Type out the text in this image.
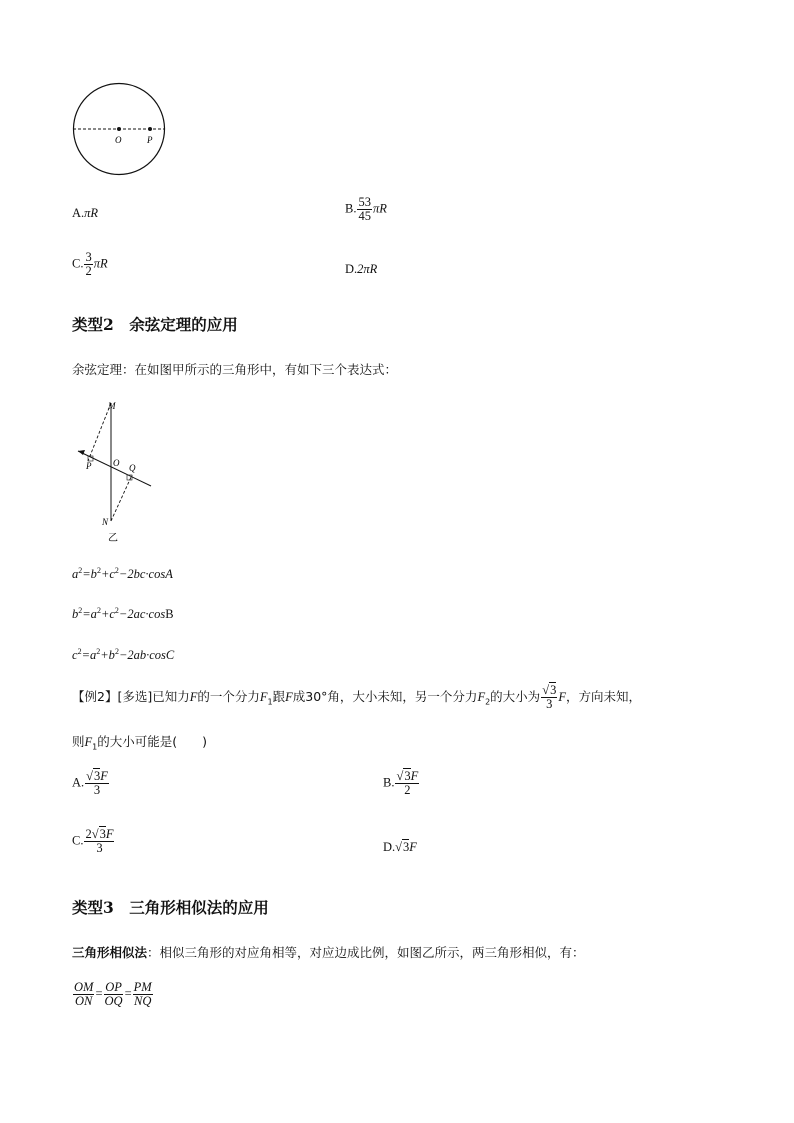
O	P
A.πR	B. $\frac{53}{45}$ πR
C. $\frac{3}{2}$ πR	D.2πR
类型2　余弦定理的应用
余弦定理：在如图甲所示的三角形中，有如下三个表达式：
M
O
P	Q
N
乙
$a^2=b^2+c^2-2bc\cdot\cos A$
$b^2=a^2+c^2-2ac\cdot\cos B$
$c^2=a^2+b^2-2ab\cdot\cos C$
【例2】[多选]已知力F的一个分力$F_1$跟F成30°角，大小未知，另一个分力$F_2$的大小为 $\frac{√3}{3}$ F，方向未知，
则$F_1$的大小可能是(　　)
A. $\frac{√3F}{3}$	B. $\frac{√3F}{2}$
C. $\frac{2√3F}{3}$	D.√3F
类型3　三角形相似法的应用
三角形相似法：相似三角形的对应角相等，对应边成比例，如图乙所示，两三角形相似，有：
$\frac{OM}{ON} = \frac{OP}{OQ} = \frac{PM}{NQ}$
